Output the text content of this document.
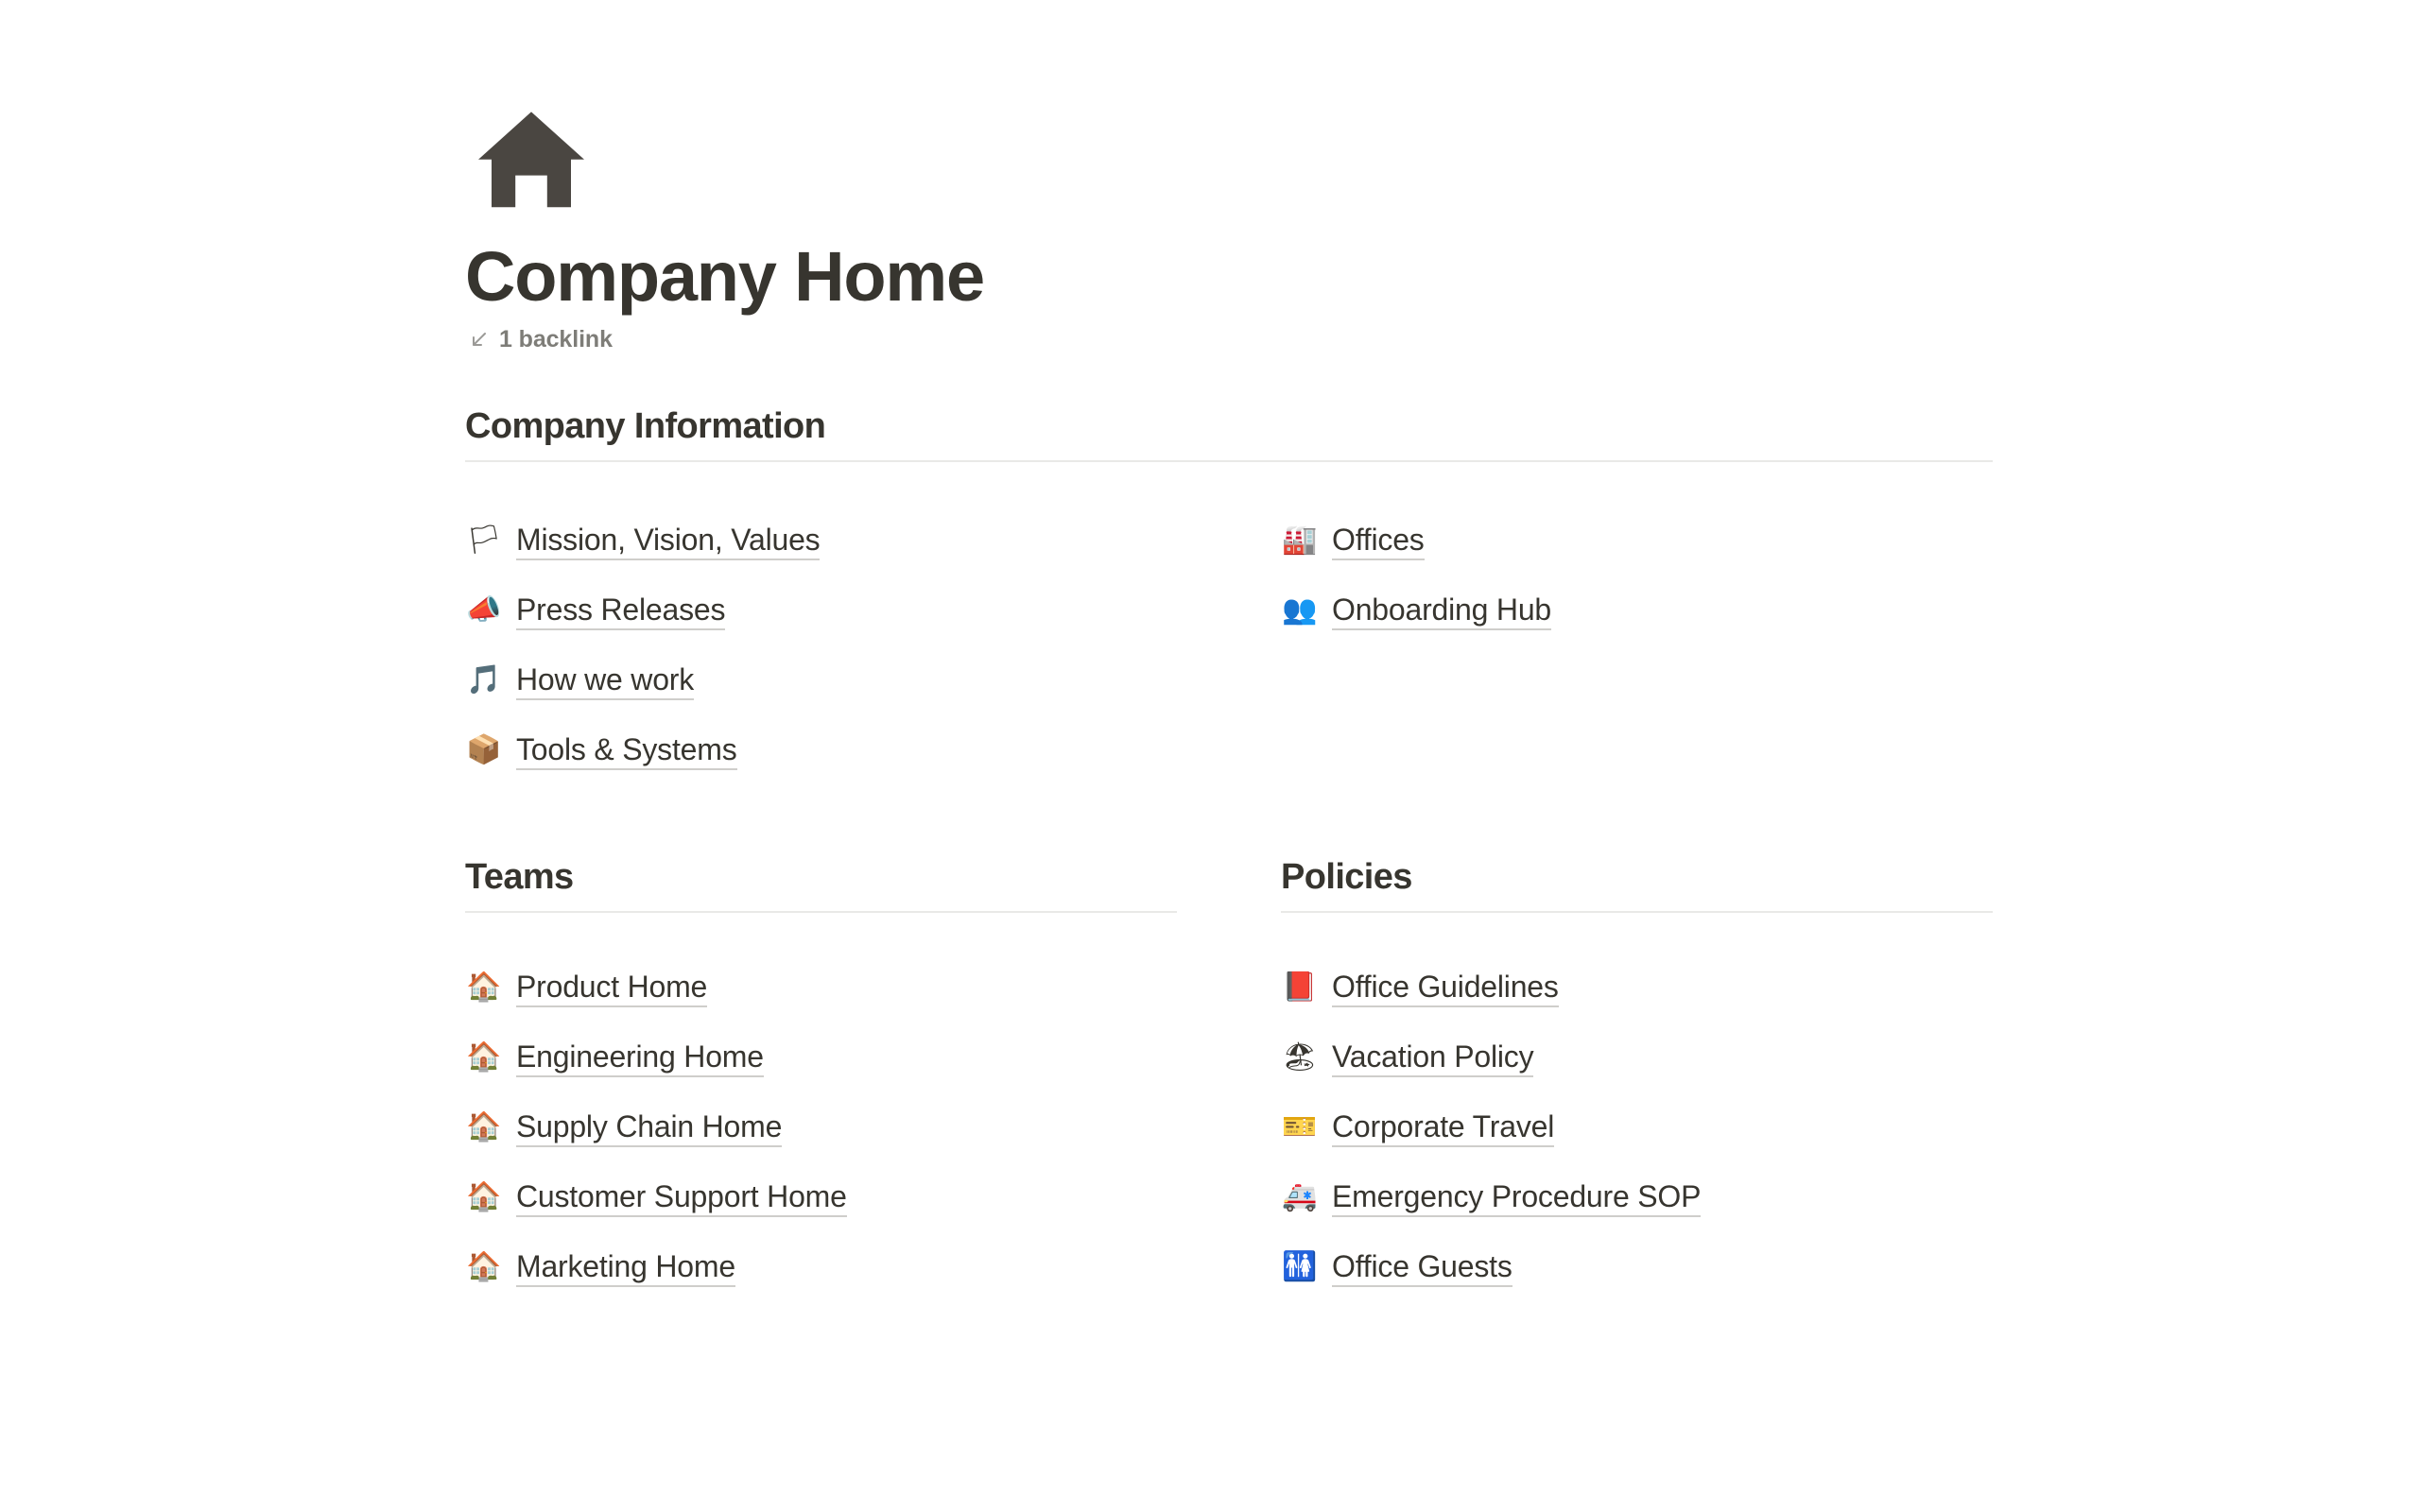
Company Home
1 backlink
Company Information
🏳 Mission, Vision, Values
📣 Press Releases
🎵 How we work
📦 Tools & Systems
🏭 Offices
👥 Onboarding Hub
Teams
🏠 Product Home
🏠 Engineering Home
🏠 Supply Chain Home
🏠 Customer Support Home
🏠 Marketing Home
Policies
📕 Office Guidelines
🏖 Vacation Policy
🎫 Corporate Travel
🚑 Emergency Procedure SOP
🚻 Office Guests
